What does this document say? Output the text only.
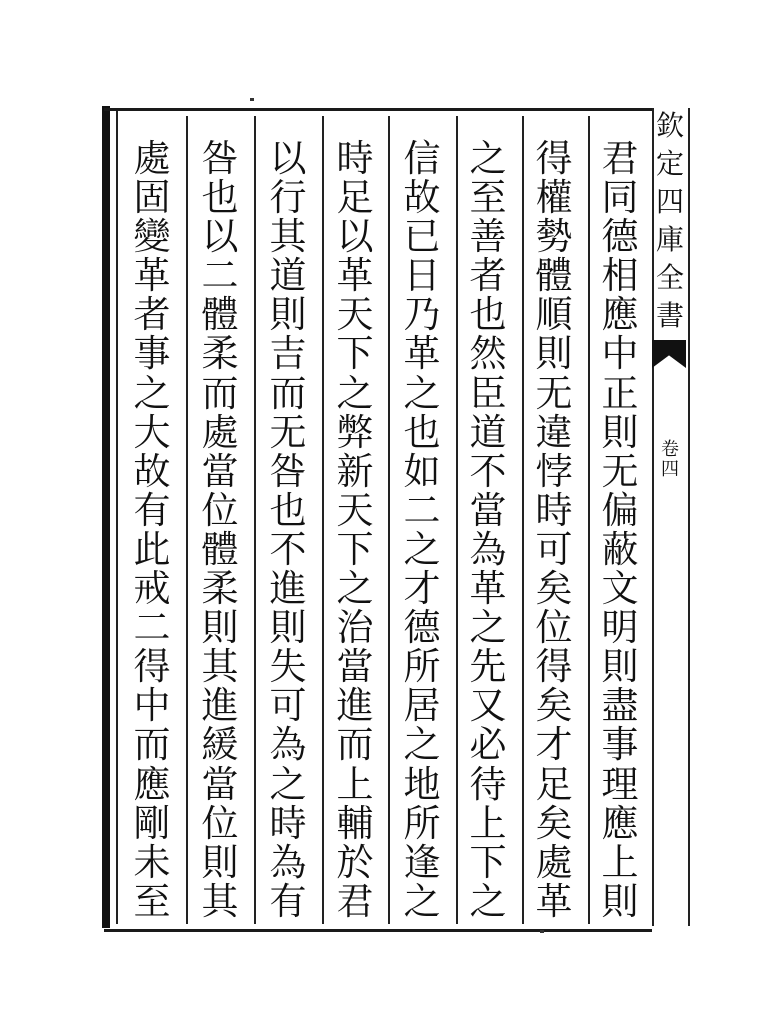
君
同
德
相
應
中
正
則
无
偏
蔽
文
明
則
盡
事
理
應
上
則
得
權
勢
體
順
則
无
違
悖
時
可
矣
位
得
矣
才
足
矣
處
革
之
至
善
者
也
然
臣
道
不
當
為
革
之
先
又
必
待
上
下
之
信
故
已
日
乃
革
之
也
如
二
之
才
德
所
居
之
地
所
逢
之
時
足
以
革
天
下
之
弊
新
天
下
之
治
當
進
而
上
輔
於
君
以
行
其
道
則
吉
而
无
咎
也
不
進
則
失
可
為
之
時
為
有
咎
也
以
二
體
柔
而
處
當
位
體
柔
則
其
進
緩
當
位
則
其
處
固
變
革
者
事
之
大
故
有
此
戒
二
得
中
而
應
剛
未
至
欽
定
四
庫
全
書
卷
四
